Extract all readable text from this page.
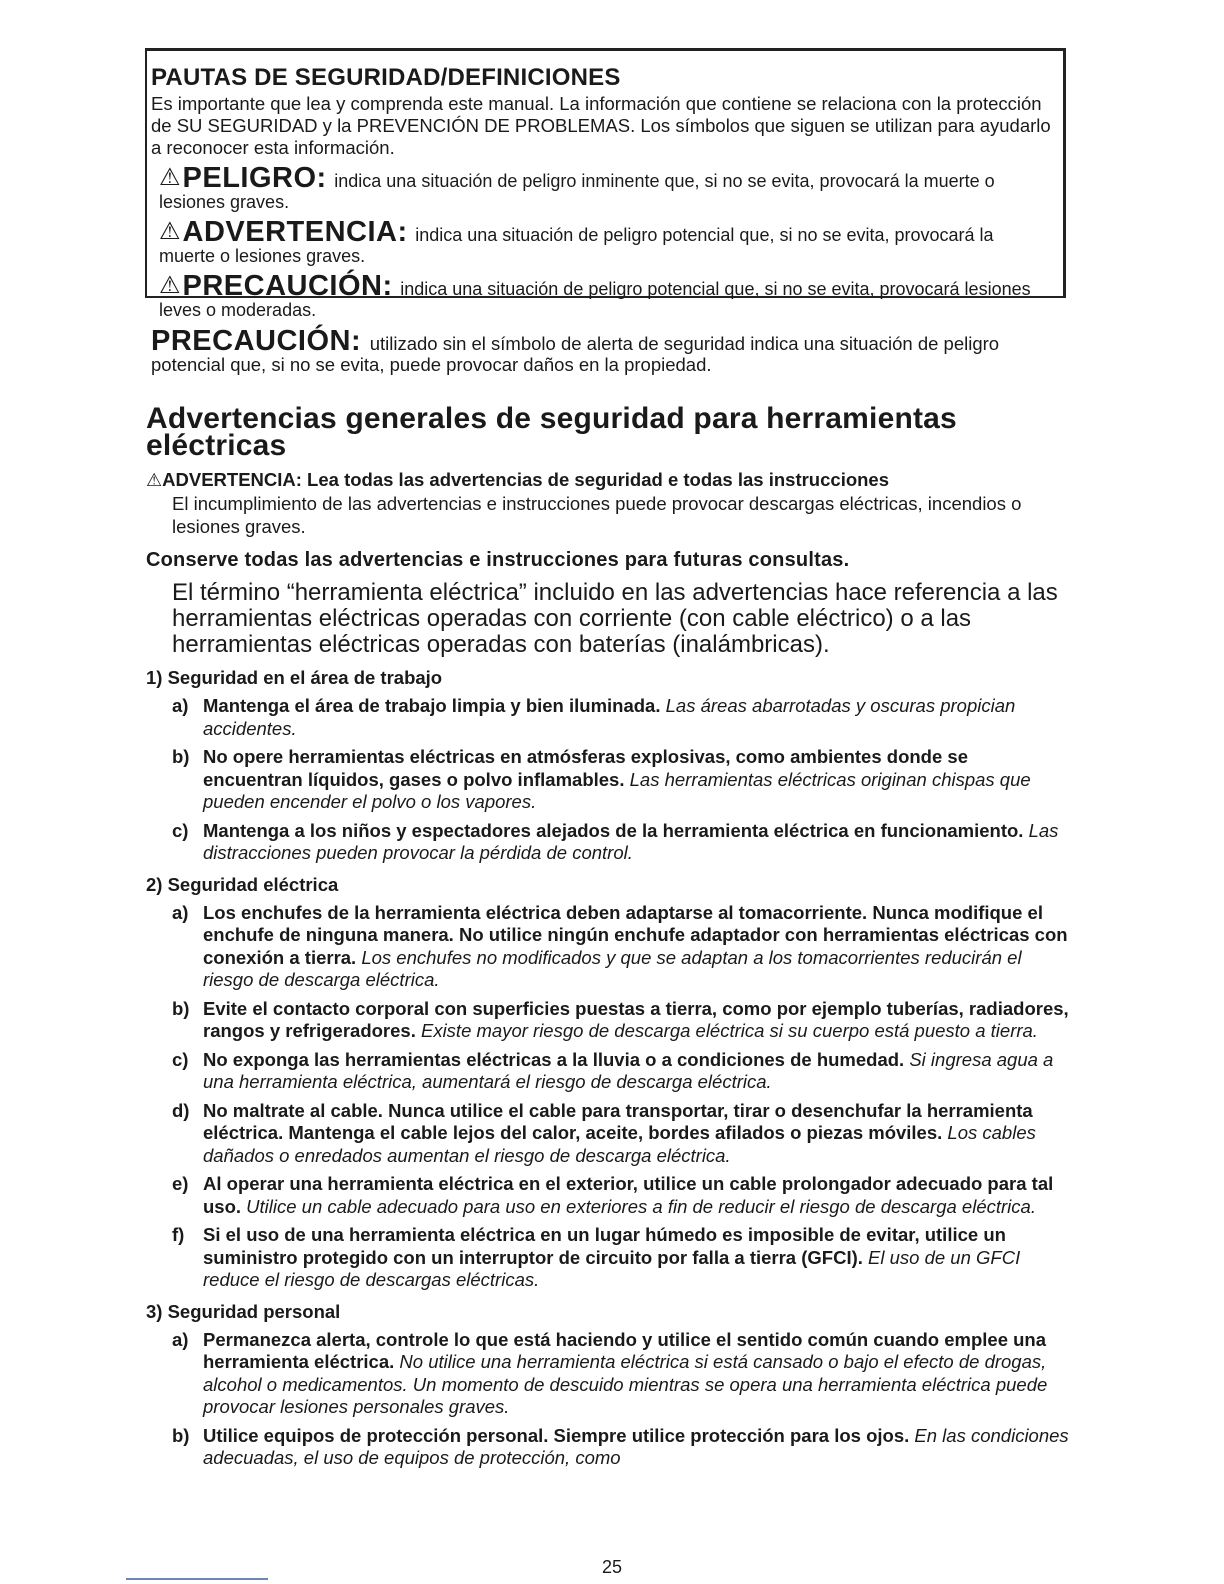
PAUTAS DE SEGURIDAD/DEFINICIONES

Es importante que lea y comprenda este manual. La información que contiene se relaciona con la protección de SU SEGURIDAD y la PREVENCIÓN DE PROBLEMAS. Los símbolos que siguen se utilizan para ayudarlo a reconocer esta información.

⚠PELIGRO: indica una situación de peligro inminente que, si no se evita, provocará la muerte o lesiones graves.

⚠ADVERTENCIA: indica una situación de peligro potencial que, si no se evita, provocará la muerte o lesiones graves.

⚠PRECAUCIÓN: indica una situación de peligro potencial que, si no se evita, provocará lesiones leves o moderadas.

PRECAUCIÓN: utilizado sin el símbolo de alerta de seguridad indica una situación de peligro potencial que, si no se evita, puede provocar daños en la propiedad.

Advertencias generales de seguridad para herramientas eléctricas

⚠ADVERTENCIA: Lea todas las advertencias de seguridad e todas las instrucciones

El incumplimiento de las advertencias e instrucciones puede provocar descargas eléctricas, incendios o lesiones graves.

Conserve todas las advertencias e instrucciones para futuras consultas.

El término “herramienta eléctrica” incluido en las advertencias hace referencia a las herramientas eléctricas operadas con corriente (con cable eléctrico) o a las herramientas eléctricas operadas con baterías (inalámbricas).

1) Seguridad en el área de trabajo

a) Mantenga el área de trabajo limpia y bien iluminada. Las áreas abarrotadas y oscuras propician accidentes.

b) No opere herramientas eléctricas en atmósferas explosivas, como ambientes donde se encuentran líquidos, gases o polvo inflamables. Las herramientas eléctricas originan chispas que pueden encender el polvo o los vapores.

c) Mantenga a los niños y espectadores alejados de la herramienta eléctrica en funcionamiento. Las distracciones pueden provocar la pérdida de control.

2) Seguridad eléctrica

a) Los enchufes de la herramienta eléctrica deben adaptarse al tomacorriente. Nunca modifique el enchufe de ninguna manera. No utilice ningún enchufe adaptador con herramientas eléctricas con conexión a tierra. Los enchufes no modificados y que se adaptan a los tomacorrientes reducirán el riesgo de descarga eléctrica.

b) Evite el contacto corporal con superficies puestas a tierra, como por ejemplo tuberías, radiadores, rangos y refrigeradores. Existe mayor riesgo de descarga eléctrica si su cuerpo está puesto a tierra.

c) No exponga las herramientas eléctricas a la lluvia o a condiciones de humedad. Si ingresa agua a una herramienta eléctrica, aumentará el riesgo de descarga eléctrica.

d) No maltrate al cable. Nunca utilice el cable para transportar, tirar o desenchufar la herramienta eléctrica. Mantenga el cable lejos del calor, aceite, bordes afilados o piezas móviles. Los cables dañados o enredados aumentan el riesgo de descarga eléctrica.

e) Al operar una herramienta eléctrica en el exterior, utilice un cable prolongador adecuado para tal uso. Utilice un cable adecuado para uso en exteriores a fin de reducir el riesgo de descarga eléctrica.

f) Si el uso de una herramienta eléctrica en un lugar húmedo es imposible de evitar, utilice un suministro protegido con un interruptor de circuito por falla a tierra (GFCI). El uso de un GFCI reduce el riesgo de descargas eléctricas.

3) Seguridad personal

a) Permanezca alerta, controle lo que está haciendo y utilice el sentido común cuando emplee una herramienta eléctrica. No utilice una herramienta eléctrica si está cansado o bajo el efecto de drogas, alcohol o medicamentos. Un momento de descuido mientras se opera una herramienta eléctrica puede provocar lesiones personales graves.

b) Utilice equipos de protección personal. Siempre utilice protección para los ojos. En las condiciones adecuadas, el uso de equipos de protección, como

25
